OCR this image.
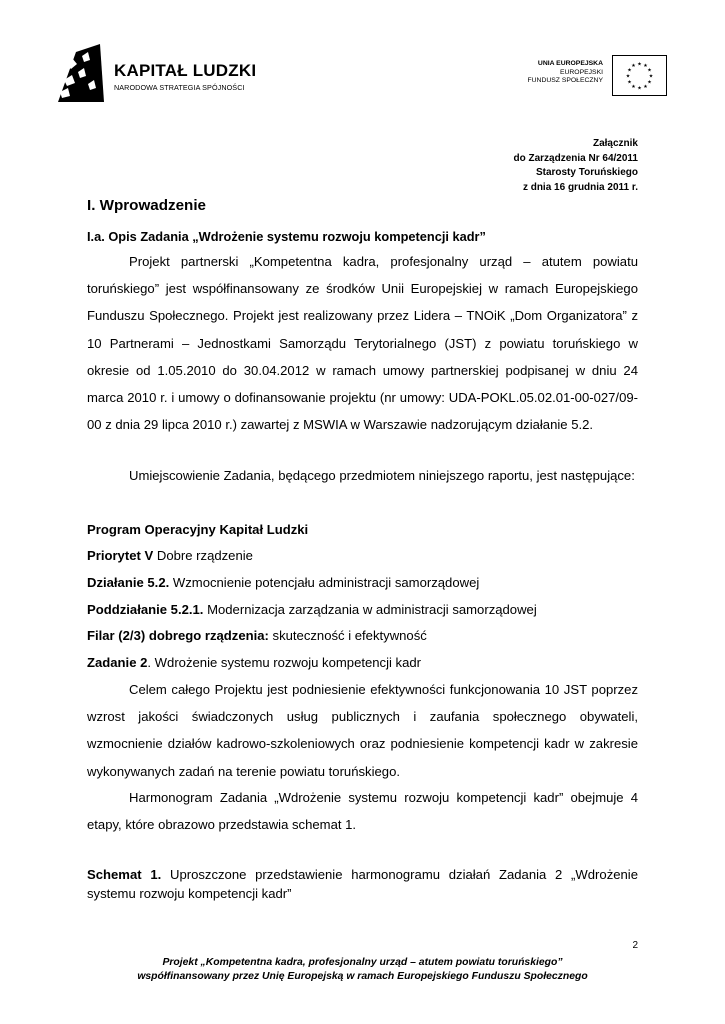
KAPITAŁ LUDZKI
NARODOWA STRATEGIA SPÓJNOŚCI
UNIA EUROPEJSKA
EUROPEJSKI
FUNDUSZ SPOŁECZNY
★ ★
★
★
★
★
★
★
★
★
★
★
Załącznik
do Zarządzenia Nr 64/2011
Starosty Toruńskiego
z dnia 16 grudnia 2011 r.
I. Wprowadzenie
I.a. Opis Zadania „Wdrożenie systemu rozwoju kompetencji kadr”
Projekt partnerski „Kompetentna kadra, profesjonalny urząd – atutem powiatu toruńskiego” jest współfinansowany ze środków Unii Europejskiej w ramach Europejskiego Funduszu Społecznego. Projekt jest realizowany przez Lidera – TNOiK „Dom Organizatora” z 10 Partnerami – Jednostkami Samorządu Terytorialnego (JST) z powiatu toruńskiego w okresie od 1.05.2010 do 30.04.2012 w ramach umowy partnerskiej podpisanej w dniu 24 marca 2010 r. i umowy o dofinansowanie projektu (nr umowy: UDA-POKL.05.02.01-00-027/09-00 z dnia 29 lipca 2010 r.) zawartej z MSWIA w Warszawie nadzorującym działanie 5.2.
Umiejscowienie Zadania, będącego przedmiotem niniejszego raportu, jest następujące:
Program Operacyjny Kapitał Ludzki
Priorytet V Dobre rządzenie
Działanie 5.2. Wzmocnienie potencjału administracji samorządowej
Poddziałanie 5.2.1. Modernizacja zarządzania w administracji samorządowej
Filar (2/3) dobrego rządzenia: skuteczność i efektywność
Zadanie 2. Wdrożenie systemu rozwoju kompetencji kadr
Celem całego Projektu jest podniesienie efektywności funkcjonowania 10 JST poprzez wzrost jakości świadczonych usług publicznych i zaufania społecznego obywateli, wzmocnienie działów kadrowo-szkoleniowych oraz podniesienie kompetencji kadr w zakresie wykonywanych zadań na terenie powiatu toruńskiego.
Harmonogram Zadania „Wdrożenie systemu rozwoju kompetencji kadr” obejmuje 4 etapy, które obrazowo przedstawia schemat 1.
Schemat 1. Uproszczone przedstawienie harmonogramu działań Zadania 2 „Wdrożenie systemu rozwoju kompetencji kadr”
2
Projekt „Kompetentna kadra, profesjonalny urząd – atutem powiatu toruńskiego”
współfinansowany przez Unię Europejską w ramach Europejskiego Funduszu Społecznego
